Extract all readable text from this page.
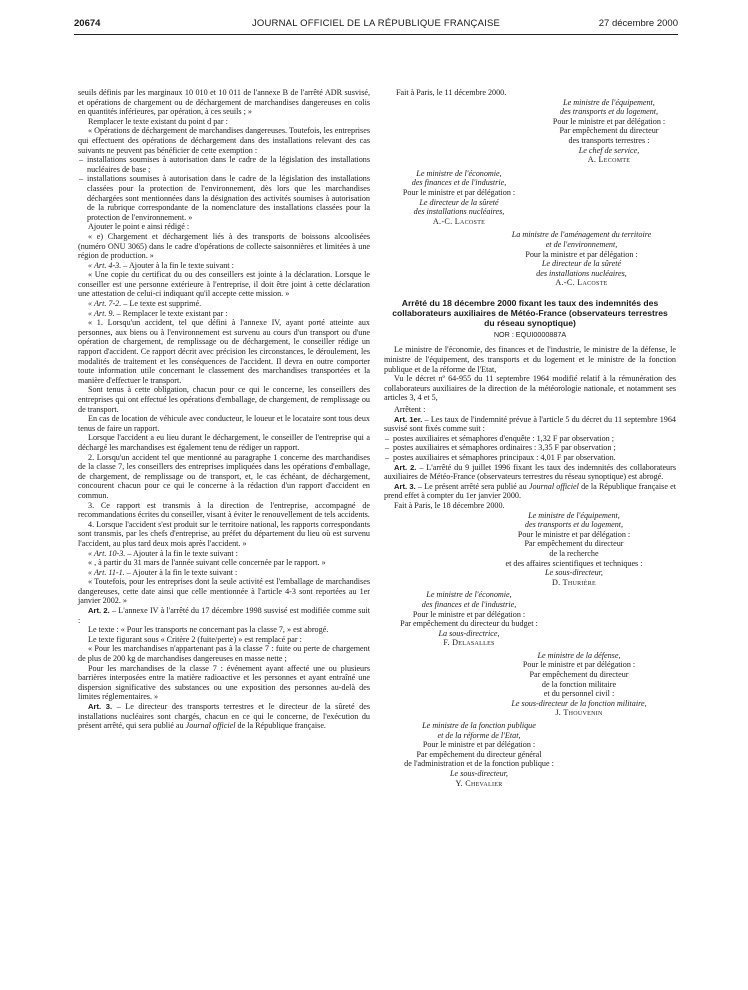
20674	JOURNAL OFFICIEL DE LA RÉPUBLIQUE FRANÇAISE	27 décembre 2000

seuils définis par les marginaux 10 010 et 10 011 de l'annexe B de l'arrêté ADR susvisé, et opérations de chargement ou de déchargement de marchandises dangereuses en colis en quantités inférieures, par opération, à ces seuils ; »

Remplacer le texte existant du point d par :

« Opérations de déchargement de marchandises dangereuses. Toutefois, les entreprises qui effectuent des opérations de déchargement dans des installations relevant des cas suivants ne peuvent pas bénéficier de cette exemption :

– installations soumises à autorisation dans le cadre de la législation des installations nucléaires de base ;

– installations soumises à autorisation dans le cadre de la législation des installations classées pour la protection de l'environnement, dès lors que les marchandises déchargées sont mentionnées dans la désignation des activités soumises à autorisation de la rubrique correspondante de la nomenclature des installations classées pour la protection de l'environnement. »

Ajouter le point e ainsi rédigé :

« e) Chargement et déchargement liés à des transports de boissons alcoolisées (numéro ONU 3065) dans le cadre d'opérations de collecte saisonnières et limitées à une région de production. »

« Art. 4-3. – Ajouter à la fin le texte suivant :

« Une copie du certificat du ou des conseillers est jointe à la déclaration. Lorsque le conseiller est une personne extérieure à l'entreprise, il doit être joint à cette déclaration une attestation de celui-ci indiquant qu'il accepte cette mission. »

« Art. 7-2. – Le texte est supprimé.

« Art. 9. – Remplacer le texte existant par :

« 1. Lorsqu'un accident, tel que défini à l'annexe IV, ayant porté atteinte aux personnes, aux biens ou à l'environnement est survenu au cours d'un transport ou d'une opération de chargement, de remplissage ou de déchargement, le conseiller rédige un rapport d'accident. Ce rapport décrit avec précision les circonstances, le déroulement, les modalités de traitement et les conséquences de l'accident. Il devra en outre comporter toute information utile concernant le classement des marchandises transportées et la manière d'effectuer le transport.

Sont tenus à cette obligation, chacun pour ce qui le concerne, les conseillers des entreprises qui ont effectué les opérations d'emballage, de chargement, de remplissage ou de transport.

En cas de location de véhicule avec conducteur, le loueur et le locataire sont tous deux tenus de faire un rapport.

Lorsque l'accident a eu lieu durant le déchargement, le conseiller de l'entreprise qui a déchargé les marchandises est également tenu de rédiger un rapport.

2. Lorsqu'un accident tel que mentionné au paragraphe 1 concerne des marchandises de la classe 7, les conseillers des entreprises impliquées dans les opérations d'emballage, de chargement, de remplissage ou de transport, et, le cas échéant, de déchargement, concourent chacun pour ce qui le concerne à la rédaction d'un rapport d'accident en commun.

3. Ce rapport est transmis à la direction de l'entreprise, accompagné de recommandations écrites du conseiller, visant à éviter le renouvellement de tels accidents.

4. Lorsque l'accident s'est produit sur le territoire national, les rapports correspondants sont transmis, par les chefs d'entreprise, au préfet du département du lieu où est survenu l'accident, au plus tard deux mois après l'accident. »

« Art. 10-3. – Ajouter à la fin le texte suivant :

« , à partir du 31 mars de l'année suivant celle concernée par le rapport. »

« Art. 11-1. – Ajouter à la fin le texte suivant :

« Toutefois, pour les entreprises dont la seule activité est l'emballage de marchandises dangereuses, cette date ainsi que celle mentionnée à l'article 4-3 sont reportées au 1er janvier 2002. »

Art. 2. – L'annexe IV à l'arrêté du 17 décembre 1998 susvisé est modifiée comme suit :

Le texte : « Pour les transports ne concernant pas la classe 7, » est abrogé.

Le texte figurant sous « Critère 2 (fuite/perte) » est remplacé par :

« Pour les marchandises n'appartenant pas à la classe 7 : fuite ou perte de chargement de plus de 200 kg de marchandises dangereuses en masse nette ;

Pour les marchandises de la classe 7 : événement ayant affecté une ou plusieurs barrières interposées entre la matière radioactive et les personnes et ayant entraîné une dispersion significative des substances ou une exposition des personnes au-delà des limites réglementaires. »

Art. 3. – Le directeur des transports terrestres et le directeur de la sûreté des installations nucléaires sont chargés, chacun en ce qui le concerne, de l'exécution du présent arrêté, qui sera publié au Journal officiel de la République française.

Fait à Paris, le 11 décembre 2000.

Le ministre de l'équipement,
des transports et du logement,
Pour le ministre et par délégation :
Par empêchement du directeur
des transports terrestres :
Le chef de service,
A. Lecomte
Le ministre de l'économie,
des finances et de l'industrie,
Pour le ministre et par délégation :
Le directeur de la sûreté
des installations nucléaires,
A.-C. Lacoste
La ministre de l'aménagement du territoire
et de l'environnement,
Pour la ministre et par délégation :
Le directeur de la sûreté
des installations nucléaires,
A.-C. Lacoste
Arrêté du 18 décembre 2000 fixant les taux des indemnités des collaborateurs auxiliaires de Météo-France (observateurs terrestres du réseau synoptique)
NOR : EQUI0000887A

Le ministre de l'économie, des finances et de l'industrie, le ministre de la défense, le ministre de l'équipement, des transports et du logement et le ministre de la fonction publique et de la réforme de l'Etat,

Vu le décret nº 64-955 du 11 septembre 1964 modifié relatif à la rémunération des collaborateurs auxiliaires de la direction de la météorologie nationale, et notamment ses articles 3, 4 et 5,

Arrêtent :

Art. 1er. – Les taux de l'indemnité prévue à l'article 5 du décret du 11 septembre 1964 susvisé sont fixés comme suit :

– postes auxiliaires et sémaphores d'enquête : 1,32 F par observation ;

– postes auxiliaires et sémaphores ordinaires : 3,35 F par observation ;

– postes auxiliaires et sémaphores principaux : 4,01 F par observation.

Art. 2. – L'arrêté du 9 juillet 1996 fixant les taux des indemnités des collaborateurs auxiliaires de Météo-France (observateurs terrestres du réseau synoptique) est abrogé.

Art. 3. – Le présent arrêté sera publié au Journal officiel de la République française et prend effet à compter du 1er janvier 2000.

Fait à Paris, le 18 décembre 2000.

Le ministre de l'équipement,
des transports et du logement,
Pour le ministre et par délégation :
Par empêchement du directeur
de la recherche
et des affaires scientifiques et techniques :
Le sous-directeur,
D. Thurière
Le ministre de l'économie,
des finances et de l'industrie,
Pour le ministre et par délégation :
Par empêchement du directeur du budget :
La sous-directrice,
F. Delasalles
Le ministre de la défense,
Pour le ministre et par délégation :
Par empêchement du directeur
de la fonction militaire
et du personnel civil :
Le sous-directeur de la fonction militaire,
J. Thouvenin
Le ministre de la fonction publique
et de la réforme de l'Etat,
Pour le ministre et par délégation :
Par empêchement du directeur général
de l'administration et de la fonction publique :
Le sous-directeur,
Y. Chevalier
